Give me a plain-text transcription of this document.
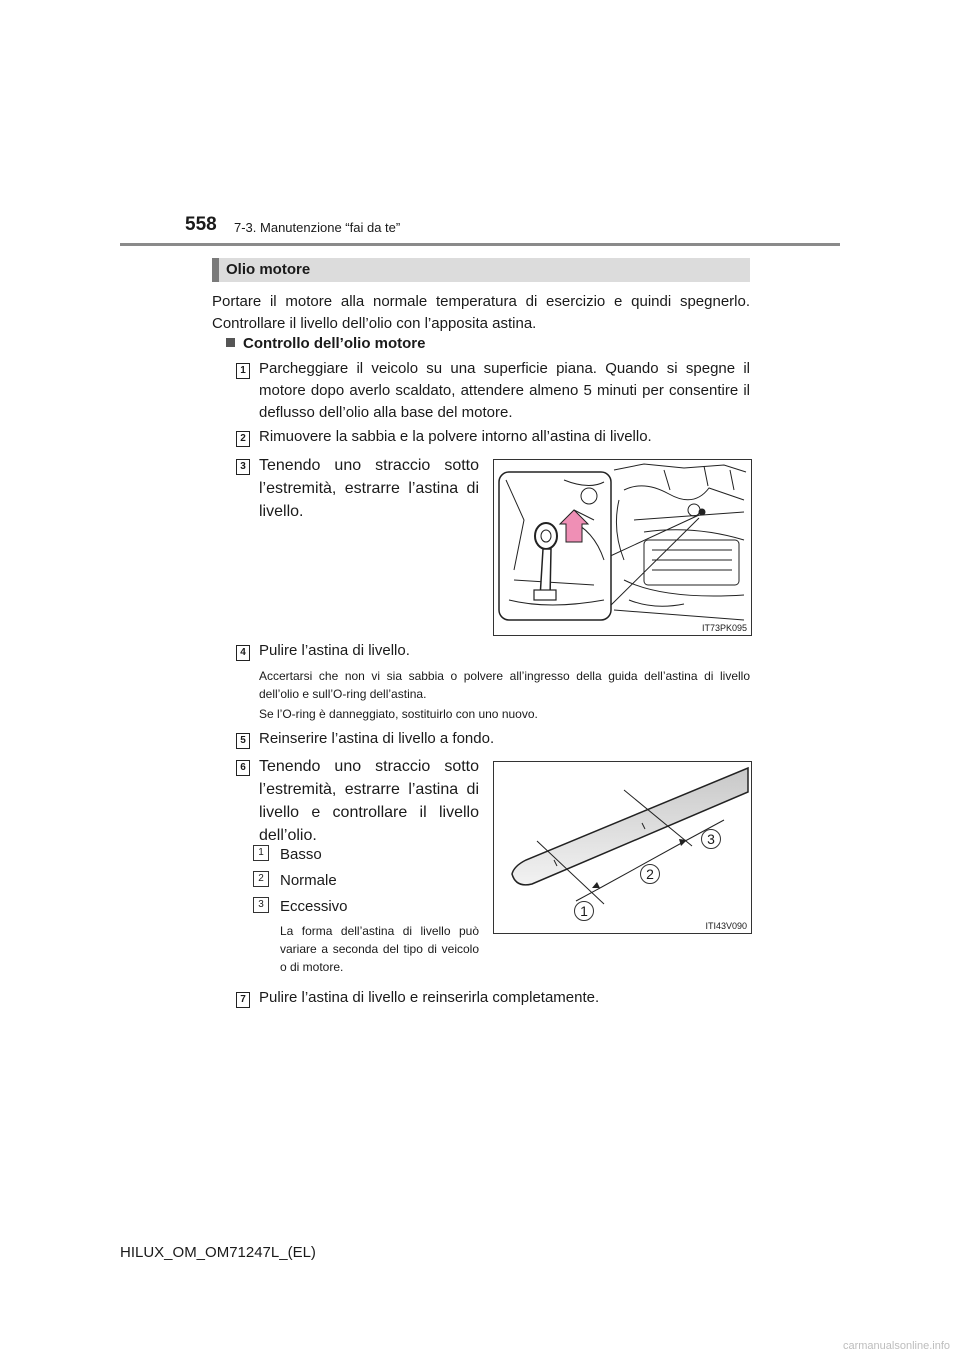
558 7-3. Manutenzione “fai da te”
Olio motore
Portare il motore alla normale temperatura di esercizio e quindi spegnerlo. Controllare il livello dell’olio con l’apposita astina.
Controllo dell’olio motore
1 Parcheggiare il veicolo su una superficie piana. Quando si spegne il motore dopo averlo scaldato, attendere almeno 5 minuti per consentire il deflusso dell’olio alla base del motore.
2 Rimuovere la sabbia e la polvere intorno all’astina di livello.
3 Tenendo uno straccio sotto l’estremità, estrarre l’astina di livello.
IT73PK095
4 Pulire l’astina di livello.
Accertarsi che non vi sia sabbia o polvere all’ingresso della guida dell’astina di livello dell’olio e sull’O-ring dell’astina.
Se l’O-ring è danneggiato, sostituirlo con uno nuovo.
5 Reinserire l’astina di livello a fondo.
6 Tenendo uno straccio sotto l’estremità, estrarre l’astina di livello e controllare il livello dell’olio.
1	Basso
2	Normale
3	Eccessivo
La forma dell’astina di livello può variare a seconda del tipo di veicolo o di motore.
1
2
3
ITI43V090
7 Pulire l’astina di livello e reinserirla completamente.
HILUX_OM_OM71247L_(EL)
carmanualsonline.info
